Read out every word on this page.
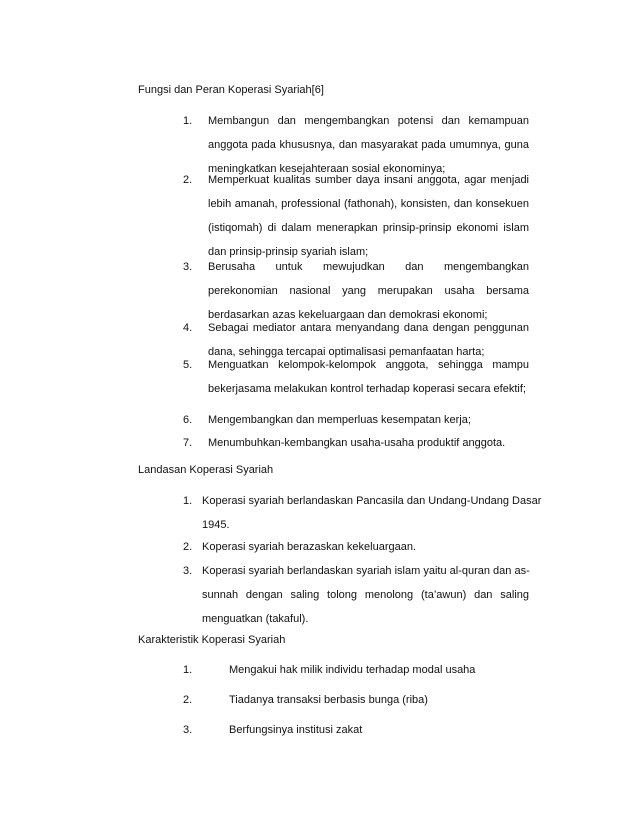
Fungsi dan Peran Koperasi Syariah[6]
1. Membangun dan mengembangkan potensi dan kemampuan
anggota pada khususnya, dan masyarakat pada umumnya, guna
meningkatkan kesejahteraan sosial ekonominya;
2. Memperkuat kualitas sumber daya insani anggota, agar menjadi
lebih amanah, professional (fathonah), konsisten, dan konsekuen
(istiqomah) di dalam menerapkan prinsip-prinsip ekonomi islam
dan prinsip-prinsip syariah islam;
3. Berusaha untuk mewujudkan dan mengembangkan
perekonomian nasional yang merupakan usaha bersama
berdasarkan azas kekeluargaan dan demokrasi ekonomi;
4. Sebagai mediator antara menyandang dana dengan penggunan
dana, sehingga tercapai optimalisasi pemanfaatan harta;
5. Menguatkan kelompok-kelompok anggota, sehingga mampu
bekerjasama melakukan kontrol terhadap koperasi secara efektif;
6. Mengembangkan dan memperluas kesempatan kerja;
7. Menumbuhkan-kembangkan usaha-usaha produktif anggota.
Landasan Koperasi Syariah
1. Koperasi syariah berlandaskan Pancasila dan Undang-Undang Dasar
1945.
2. Koperasi syariah berazaskan kekeluargaan.
3. Koperasi syariah berlandaskan syariah islam yaitu al-quran dan as-
sunnah dengan saling tolong menolong (ta’awun) dan saling
menguatkan (takaful).
Karakteristik Koperasi Syariah
1.	Mengakui hak milik individu terhadap modal usaha
2.	Tiadanya transaksi berbasis bunga (riba)
3.	Berfungsinya institusi zakat
